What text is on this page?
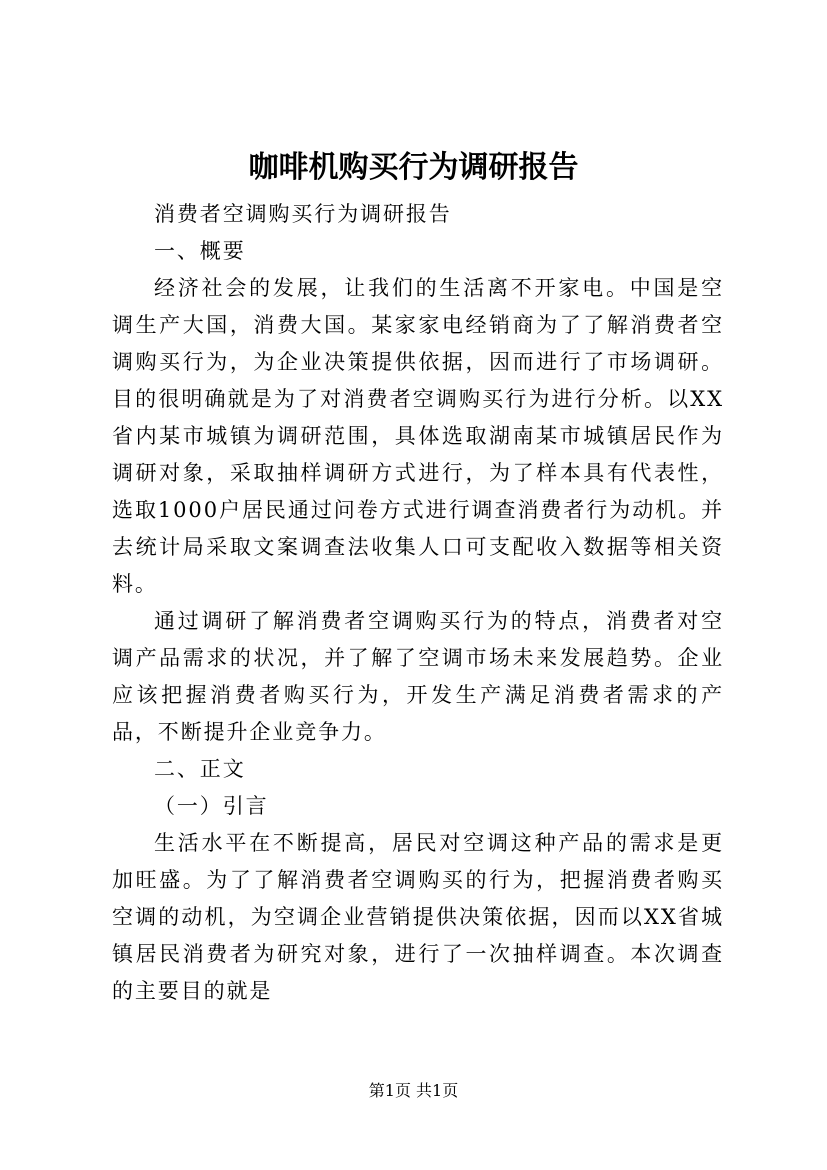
咖啡机购买行为调研报告

消费者空调购买行为调研报告

一、概要

经济社会的发展，让我们的生活离不开家电。中国是空调生产大国，消费大国。某家家电经销商为了了解消费者空调购买行为，为企业决策提供依据，因而进行了市场调研。目的很明确就是为了对消费者空调购买行为进行分析。以XX省内某市城镇为调研范围，具体选取湖南某市城镇居民作为调研对象，采取抽样调研方式进行，为了样本具有代表性，选取1000户居民通过问卷方式进行调查消费者行为动机。并去统计局采取文案调查法收集人口可支配收入数据等相关资料。

通过调研了解消费者空调购买行为的特点，消费者对空调产品需求的状况，并了解了空调市场未来发展趋势。企业应该把握消费者购买行为，开发生产满足消费者需求的产品，不断提升企业竞争力。

二、正文

（一）引言

生活水平在不断提高，居民对空调这种产品的需求是更加旺盛。为了了解消费者空调购买的行为，把握消费者购买空调的动机，为空调企业营销提供决策依据，因而以XX省城镇居民消费者为研究对象，进行了一次抽样调查。本次调查的主要目的就是

第1页 共1页
